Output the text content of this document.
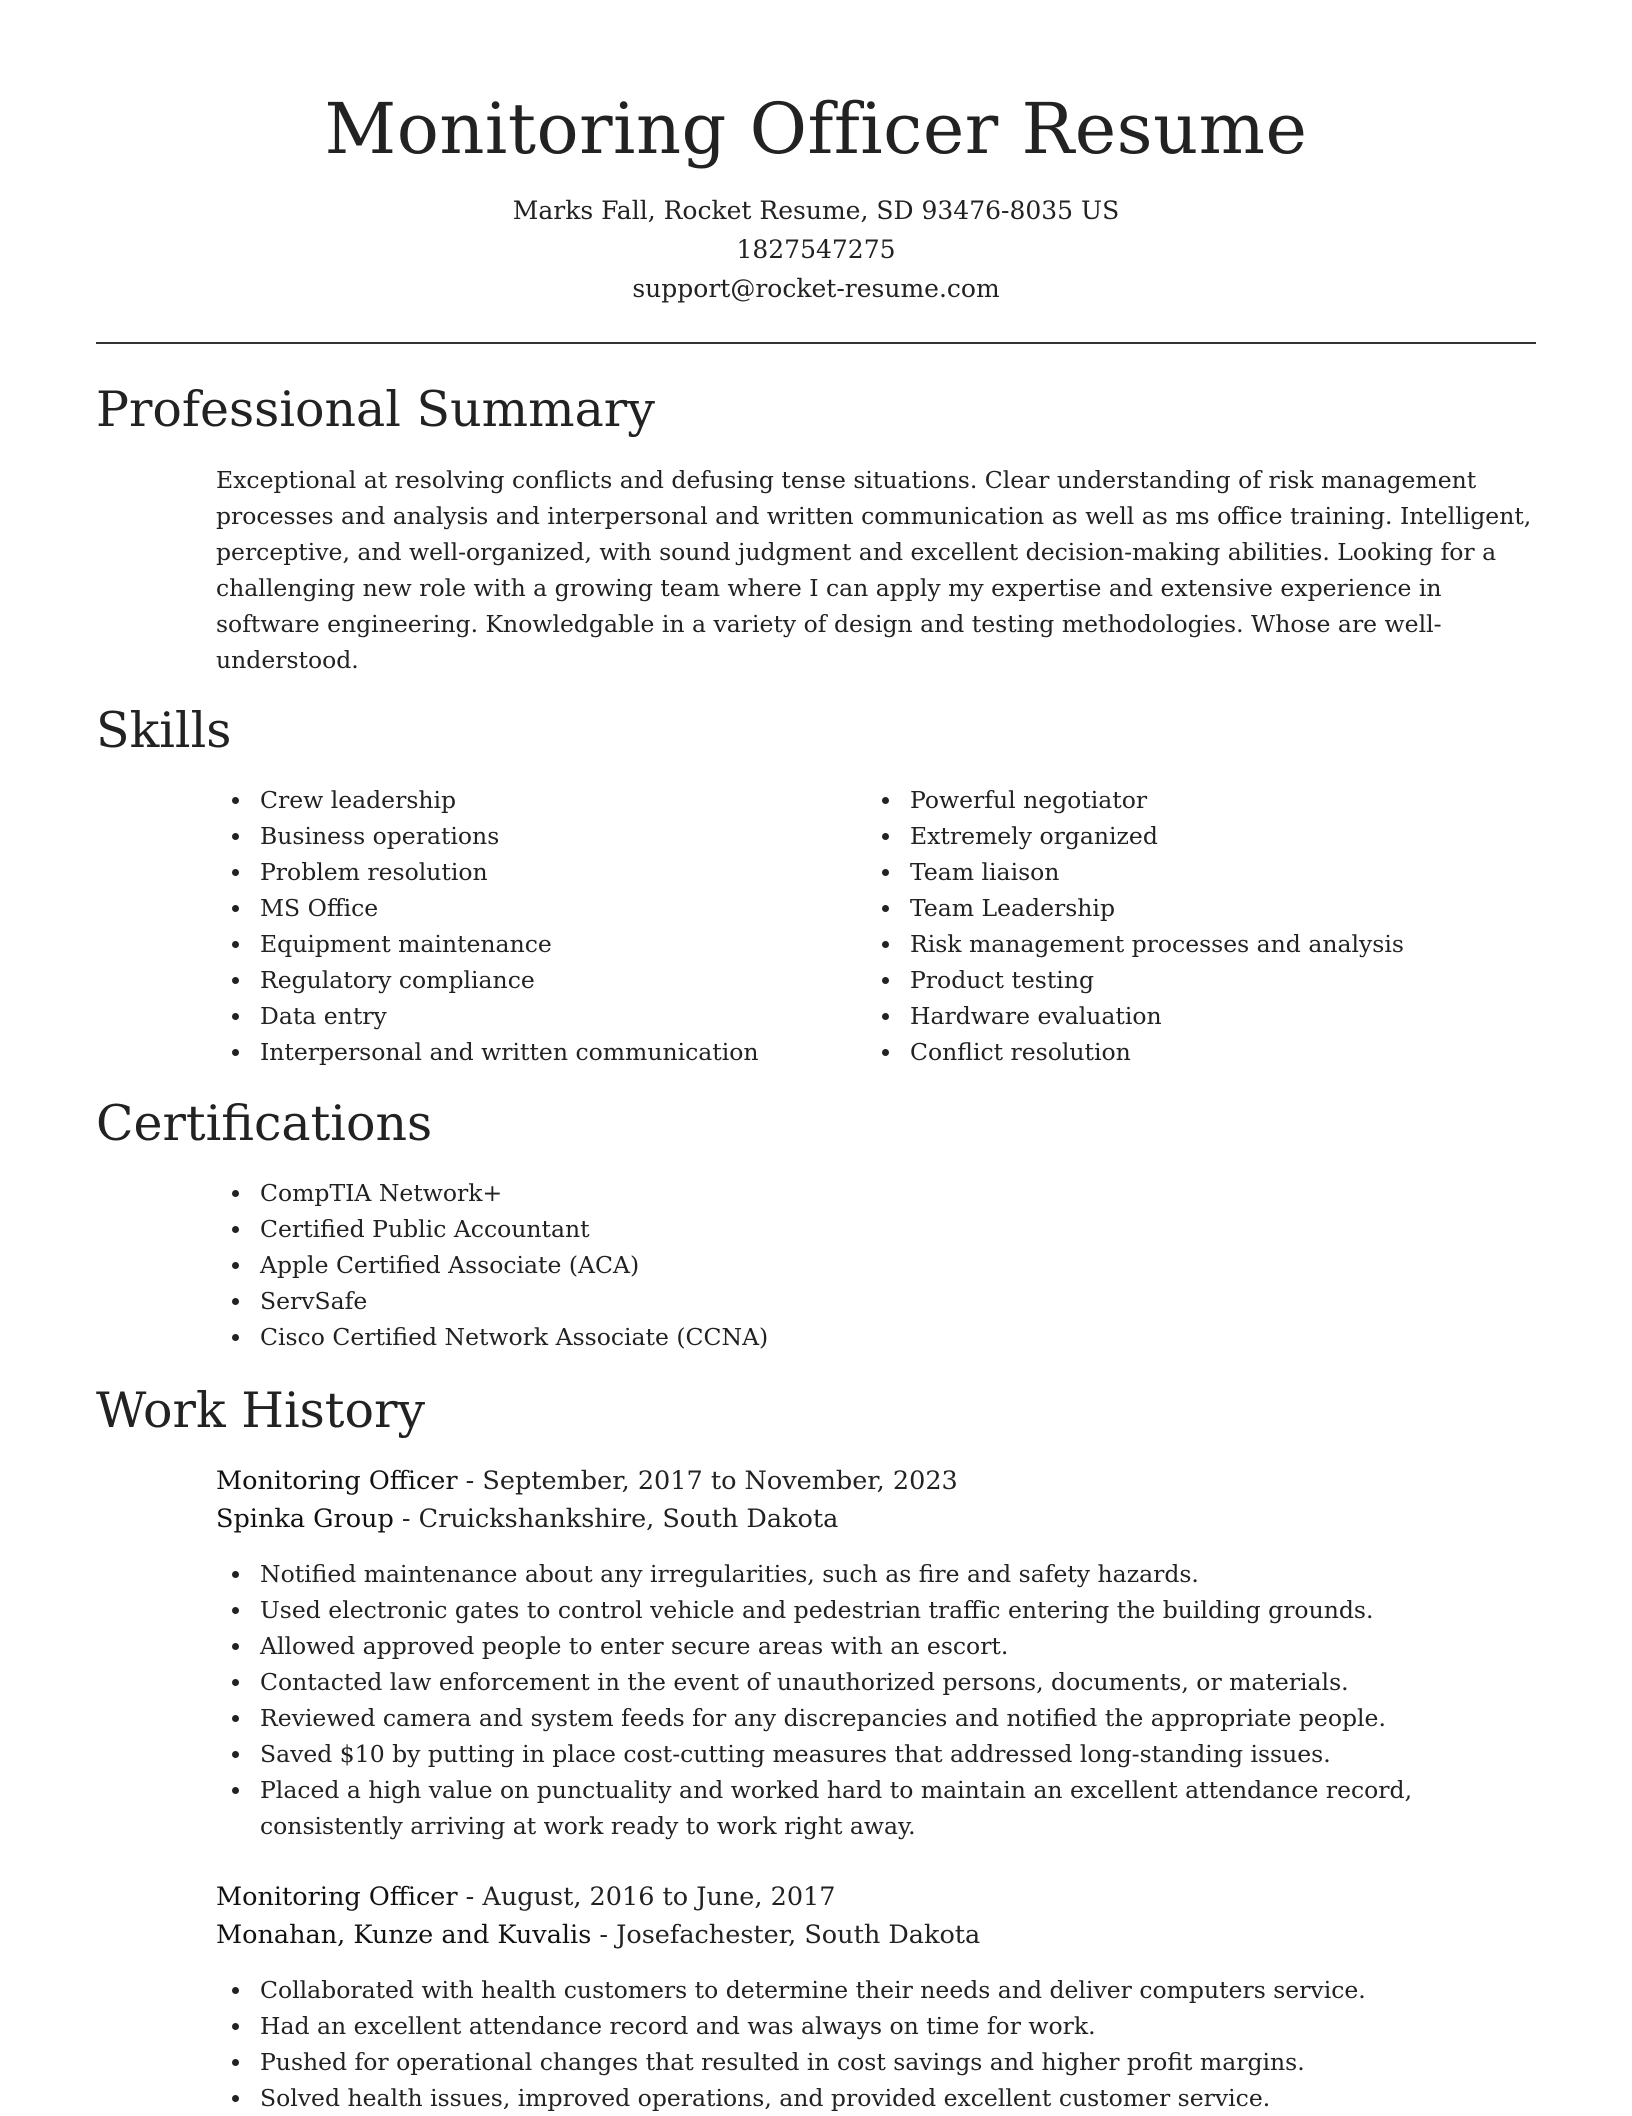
Monitoring Officer Resume
Marks Fall, Rocket Resume, SD 93476-8035 US
1827547275
support@rocket-resume.com
Professional Summary

Exceptional at resolving conflicts and defusing tense situations. Clear understanding of risk management processes and analysis and interpersonal and written communication as well as ms office training. Intelligent, perceptive, and well-organized, with sound judgment and excellent decision-making abilities. Looking for a challenging new role with a growing team where I can apply my expertise and extensive experience in software engineering. Knowledgable in a variety of design and testing methodologies. Whose are well-understood.

Skills
Crew leadership
Business operations
Problem resolution
MS Office
Equipment maintenance
Regulatory compliance
Data entry
Interpersonal and written communication
Powerful negotiator
Extremely organized
Team liaison
Team Leadership
Risk management processes and analysis
Product testing
Hardware evaluation
Conflict resolution
Certifications
CompTIA Network+
Certified Public Accountant
Apple Certified Associate (ACA)
ServSafe
Cisco Certified Network Associate (CCNA)
Work History
Monitoring Officer - September, 2017 to November, 2023
Spinka Group - Cruickshankshire, South Dakota
Notified maintenance about any irregularities, such as fire and safety hazards.
Used electronic gates to control vehicle and pedestrian traffic entering the building grounds.
Allowed approved people to enter secure areas with an escort.
Contacted law enforcement in the event of unauthorized persons, documents, or materials.
Reviewed camera and system feeds for any discrepancies and notified the appropriate people.
Saved $10 by putting in place cost-cutting measures that addressed long-standing issues.
Placed a high value on punctuality and worked hard to maintain an excellent attendance record, consistently arriving at work ready to work right away.
Monitoring Officer - August, 2016 to June, 2017
Monahan, Kunze and Kuvalis - Josefachester, South Dakota
Collaborated with health customers to determine their needs and deliver computers service.
Had an excellent attendance record and was always on time for work.
Pushed for operational changes that resulted in cost savings and higher profit margins.
Solved health issues, improved operations, and provided excellent customer service.
